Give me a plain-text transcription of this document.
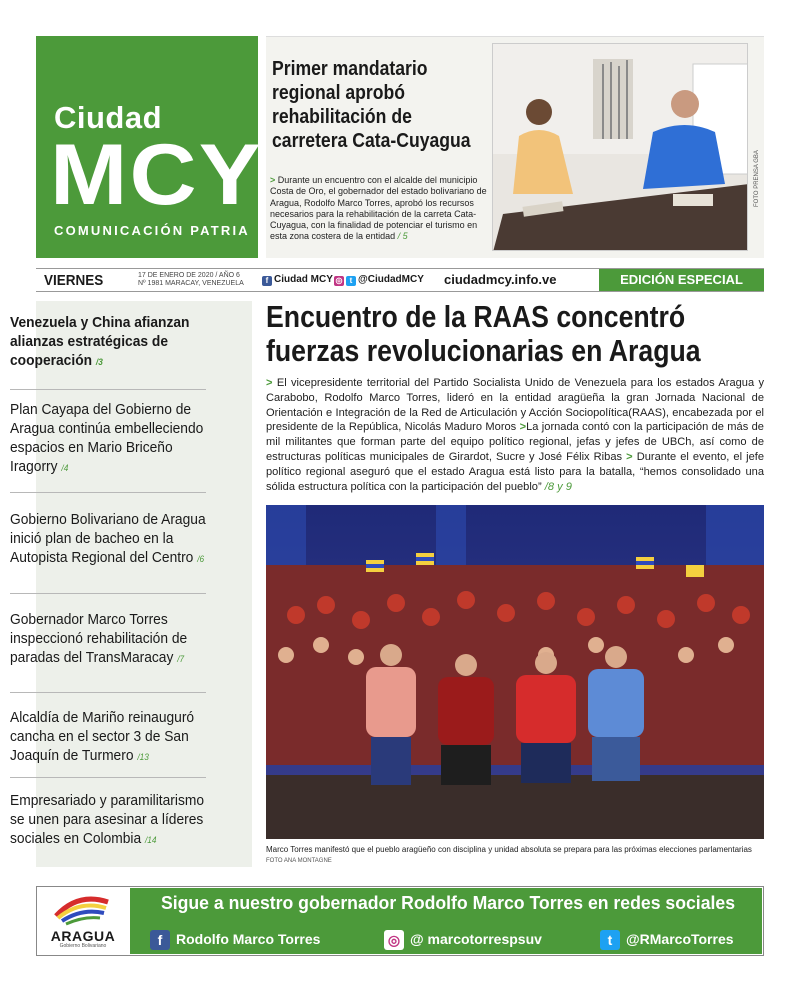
Ciudad
MCY
COMUNICACIÓN PATRIA
Primer mandatario regional aprobó rehabilitación de carretera Cata-Cuyagua
> Durante un encuentro con el alcalde del municipio Costa de Oro, el gobernador del estado bolivariano de Aragua, Rodolfo Marco Torres, aprobó los recursos necesarios para la rehabilitación de la carreta Cata-Cuyagua, con la finalidad de potenciar el turismo en esta zona costera de la entidad / 5
FOTO PRENSA GBA
VIERNES	17 DE ENERO DE 2020 / AÑO 6
Nº 1981 MARACAY, VENEZUELA	f Ciudad MCY ◎ t @CiudadMCY ciudadmcy.info.ve	EDICIÓN ESPECIAL
Venezuela y China afianzan alianzas estratégicas de cooperación /3
Plan Cayapa del Gobierno de Aragua continúa embelleciendo espacios en Mario Briceño Iragorry /4
Gobierno Bolivariano de Aragua inició plan de bacheo en la Autopista Regional del Centro /6
Gobernador Marco Torres inspeccionó rehabilitación de paradas del TransMaracay /7
Alcaldía de Mariño reinauguró cancha en el sector 3 de San Joaquín de Turmero /13
Empresariado y paramilitarismo se unen para asesinar a líderes sociales en Colombia /14
Encuentro de la RAAS concentró fuerzas revolucionarias en Aragua
> El vicepresidente territorial del Partido Socialista Unido de Venezuela para los estados Aragua y Carabobo, Rodolfo Marco Torres, lideró en la entidad aragüeña la gran Jornada Nacional de Orientación e Integración de la Red de Articulación y Acción Sociopolítica(RAAS), encabezada por el presidente de la República, Nicolás Maduro Moros >La jornada contó con la participación de más de mil militantes que forman parte del equipo político regional, jefas y jefes de UBCh, así como de estructuras políticas municipales de Girardot, Sucre y José Félix Ribas > Durante el evento, el jefe político regional aseguró que el estado Aragua está listo para la batalla, “hemos consolidado una sólida estructura política con la participación del pueblo” /8 y 9
Marco Torres manifestó que el pueblo aragüeño con disciplina y unidad absoluta se prepara para las próximas elecciones parlamentarias FOTO ANA MONTAGNE
ARAGUA
Gobierno Bolivariano
Sigue a nuestro gobernador Rodolfo Marco Torres en redes sociales
f Rodolfo Marco Torres	◎ @ marcotorrespsuv	t @RMarcoTorres
